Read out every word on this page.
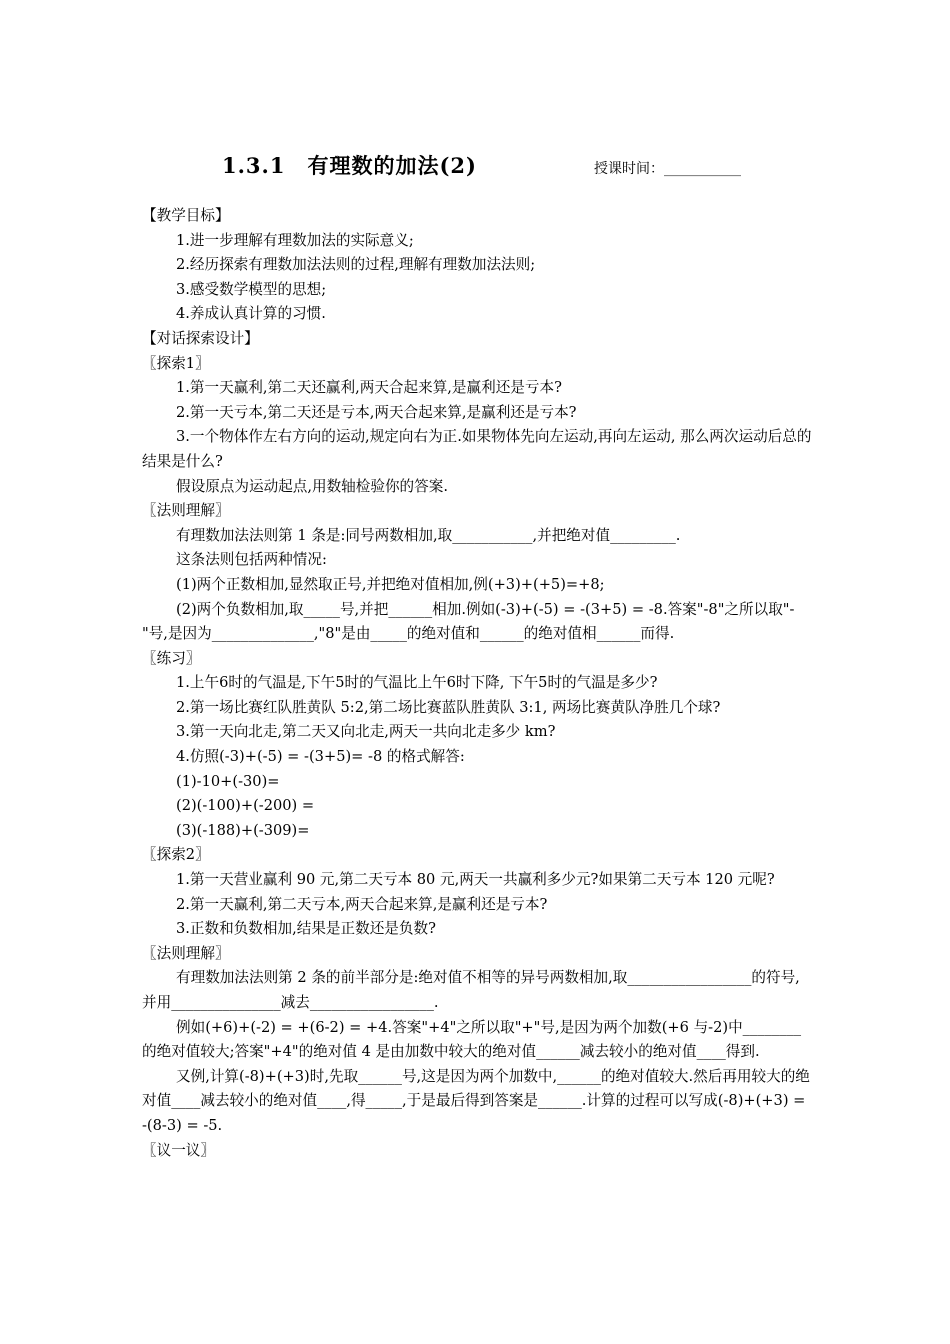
1.3.1　有理数的加法(2)	授课时间：___________

【教学目标】

1.进一步理解有理数加法的实际意义;

2.经历探索有理数加法法则的过程,理解有理数加法法则;

3.感受数学模型的思想;

4.养成认真计算的习惯.

【对话探索设计】

〖探索1〗

1.第一天赢利,第二天还赢利,两天合起来算,是赢利还是亏本?

2.第一天亏本,第二天还是亏本,两天合起来算,是赢利还是亏本?

3.一个物体作左右方向的运动,规定向右为正.如果物体先向左运动,再向左运动, 那么两次运动后总的结果是什么?

假设原点为运动起点,用数轴检验你的答案.

〖法则理解〗

有理数加法法则第 1 条是:同号两数相加,取___________,并把绝对值_________.

这条法则包括两种情况:

(1)两个正数相加,显然取正号,并把绝对值相加,例(+3)+(+5)=+8;

(2)两个负数相加,取_____号,并把______相加.例如(-3)+(-5) = -(3+5) = -8.答案"-8"之所以取"-"号,是因为______________,"8"是由_____的绝对值和______的绝对值相______而得.

〖练习〗

1.上午6时的气温是,下午5时的气温比上午6时下降, 下午5时的气温是多少?

2.第一场比赛红队胜黄队 5:2,第二场比赛蓝队胜黄队 3:1, 两场比赛黄队净胜几个球?

3.第一天向北走,第二天又向北走,两天一共向北走多少 km?

4.仿照(-3)+(-5) = -(3+5)= -8 的格式解答:

(1)-10+(-30)=

(2)(-100)+(-200) =

(3)(-188)+(-309)=

〖探索2〗

1.第一天营业赢利 90 元,第二天亏本 80 元,两天一共赢利多少元?如果第二天亏本 120 元呢?

2.第一天赢利,第二天亏本,两天合起来算,是赢利还是亏本?

3.正数和负数相加,结果是正数还是负数?

〖法则理解〗

有理数加法法则第 2 条的前半部分是:绝对值不相等的异号两数相加,取_________________的符号,并用_______________减去_________________.

例如(+6)+(-2) = +(6-2) = +4.答案"+4"之所以取"+"号,是因为两个加数(+6 与-2)中________的绝对值较大;答案"+4"的绝对值 4 是由加数中较大的绝对值______减去较小的绝对值____得到.

又例,计算(-8)+(+3)时,先取______号,这是因为两个加数中,______的绝对值较大.然后再用较大的绝对值____减去较小的绝对值____,得_____,于是最后得到答案是______.计算的过程可以写成(-8)+(+3) = -(8-3) = -5.

〖议一议〗
